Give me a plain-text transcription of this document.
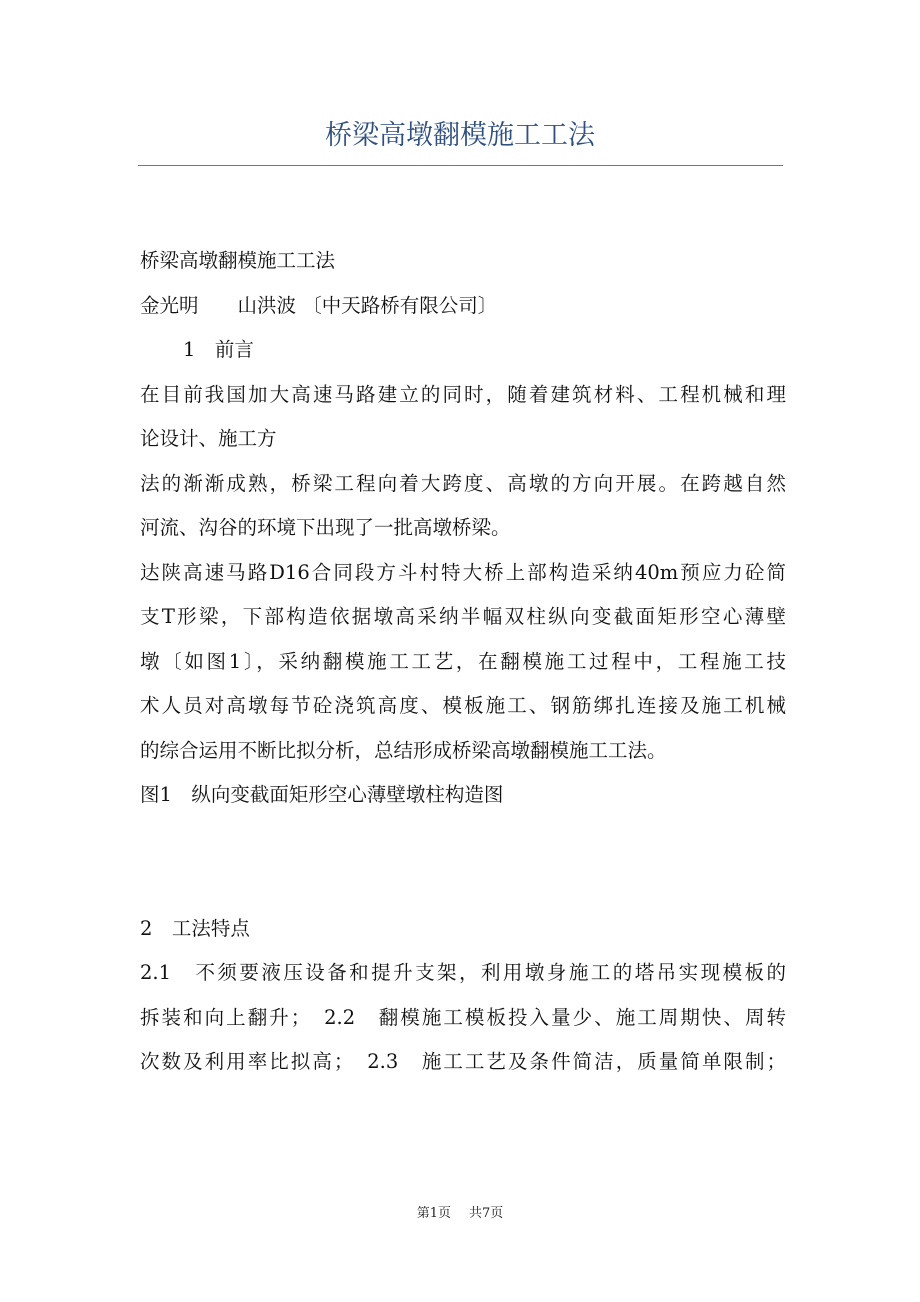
桥梁高墩翻模施工工法
桥梁高墩翻模施工工法
金光明　　山洪波 〔中天路桥有限公司〕
1　前言
在目前我国加大高速马路建立的同时，随着建筑材料、工程机械和理
论设计、施工方
法的渐渐成熟，桥梁工程向着大跨度、高墩的方向开展。在跨越自然
河流、沟谷的环境下出现了一批高墩桥梁。
达陕高速马路D16合同段方斗村特大桥上部构造采纳40m预应力砼简
支T形梁，下部构造依据墩高采纳半幅双柱纵向变截面矩形空心薄壁
墩〔如图1〕，采纳翻模施工工艺，在翻模施工过程中，工程施工技
术人员对高墩每节砼浇筑高度、模板施工、钢筋绑扎连接及施工机械
的综合运用不断比拟分析，总结形成桥梁高墩翻模施工工法。
图1　纵向变截面矩形空心薄壁墩柱构造图
2　工法特点
2.1　不须要液压设备和提升支架，利用墩身施工的塔吊实现模板的
拆装和向上翻升；　2.2　翻模施工模板投入量少、施工周期快、周转
次数及利用率比拟高；　2.3　施工工艺及条件简洁，质量简单限制；
第1页 共7页
